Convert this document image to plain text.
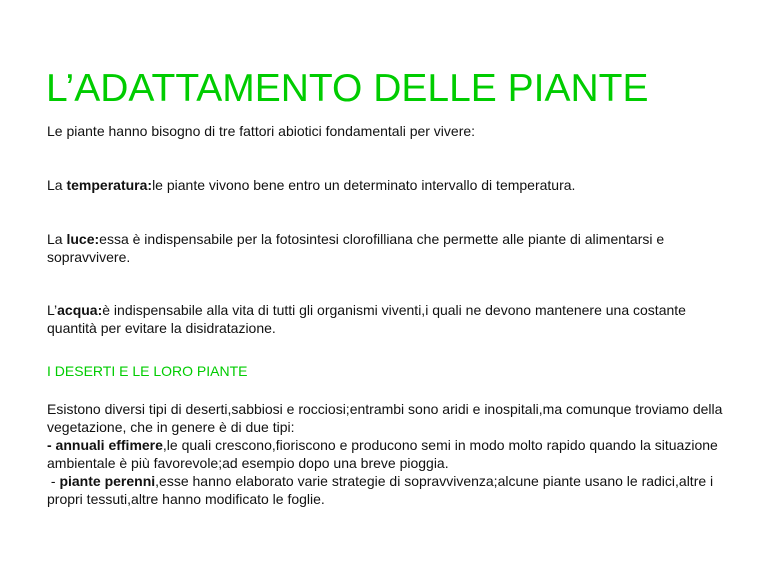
L’ADATTAMENTO DELLE PIANTE
Le piante hanno bisogno di tre fattori abiotici fondamentali per vivere:
La temperatura:le piante vivono bene entro un determinato intervallo di temperatura.
La luce:essa è indispensabile per la fotosintesi clorofilliana che permette alle piante di alimentarsi e sopravvivere.
L’acqua:è indispensabile alla vita di tutti gli organismi viventi,i quali ne devono mantenere una costante quantità per evitare la disidratazione.
I DESERTI E LE LORO PIANTE
Esistono diversi tipi di deserti,sabbiosi e rocciosi;entrambi sono aridi e inospitali,ma comunque troviamo della vegetazione, che in genere è di due tipi:
- annuali effimere,le quali crescono,fioriscono e producono semi in modo molto rapido quando la situazione ambientale è più favorevole;ad esempio dopo una breve pioggia.
- piante perenni,esse hanno elaborato varie strategie di sopravvivenza;alcune piante usano le radici,altre i propri tessuti,altre hanno modificato le foglie.
